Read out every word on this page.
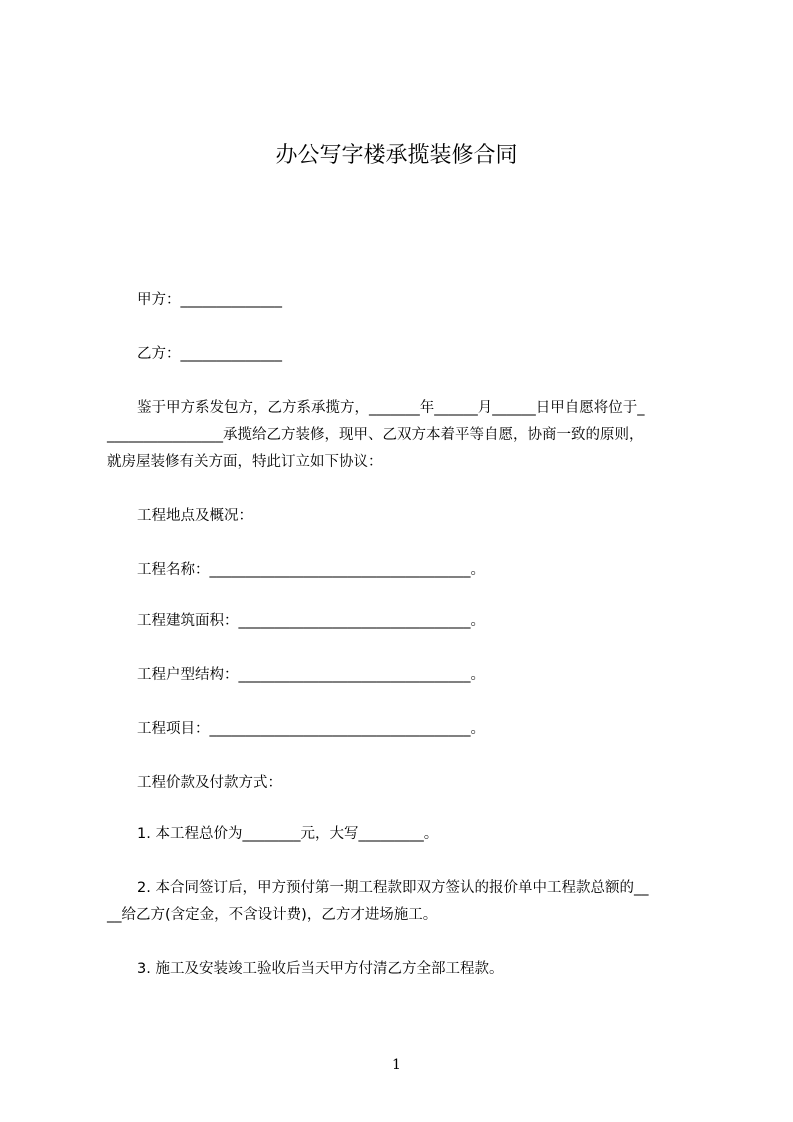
办公写字楼承揽装修合同
甲方：______________
乙方：______________
鉴于甲方系发包方，乙方系承揽方，_______年______月______日甲自愿将位于_
________________承揽给乙方装修，现甲、乙双方本着平等自愿，协商一致的原则，
就房屋装修有关方面，特此订立如下协议：
工程地点及概况：
工程名称：____________________________________。
工程建筑面积：________________________________。
工程户型结构：________________________________。
工程项目：____________________________________。
工程价款及付款方式：
1. 本工程总价为________元，大写_________。
2. 本合同签订后，甲方预付第一期工程款即双方签认的报价单中工程款总额的__
__给乙方(含定金，不含设计费)，乙方才进场施工。
3. 施工及安装竣工验收后当天甲方付清乙方全部工程款。
1
